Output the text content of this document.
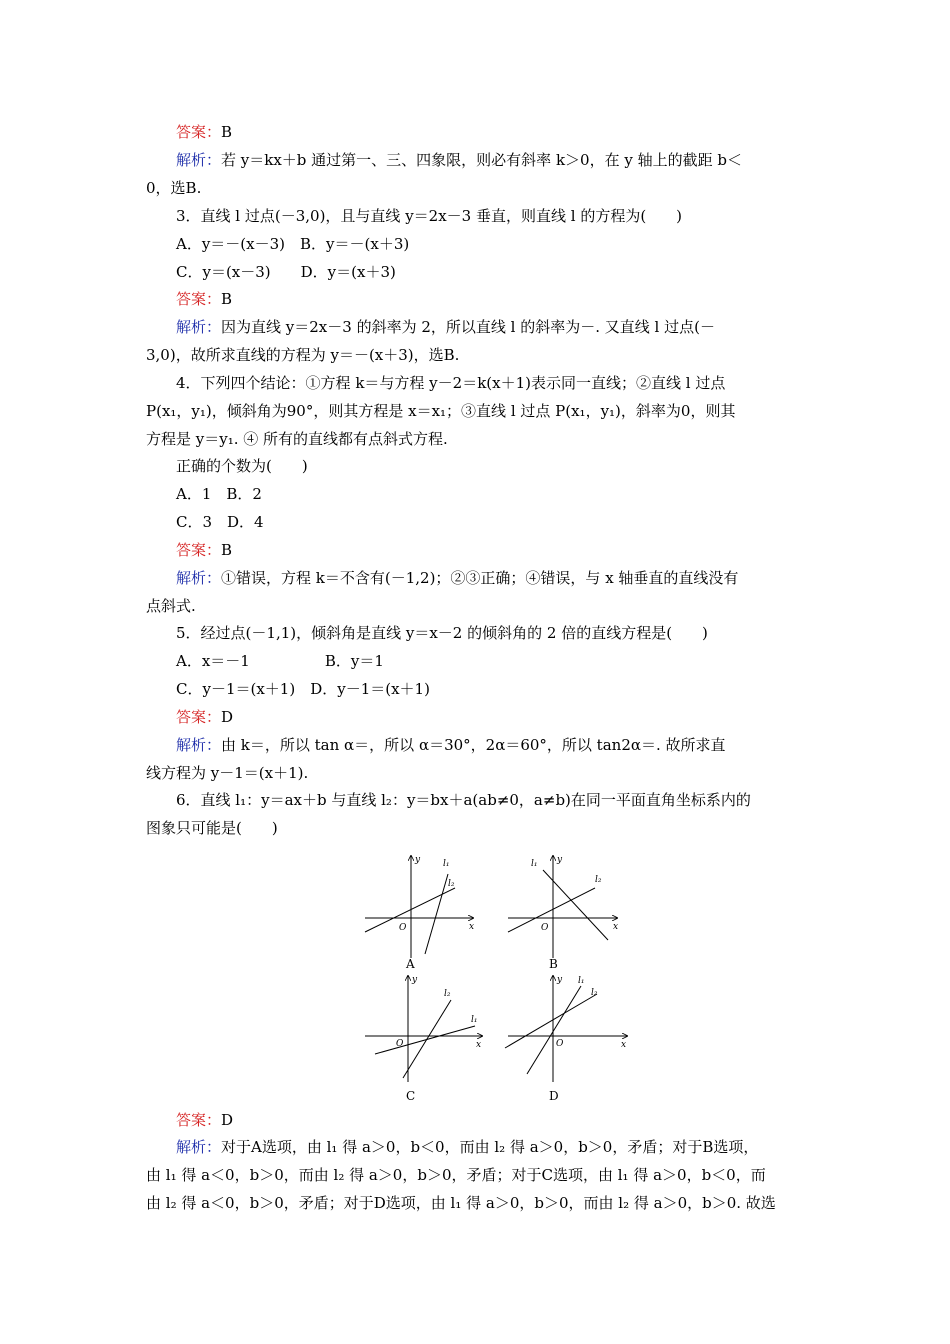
答案：B
解析：若 y＝kx＋b 通过第一、三、四象限，则必有斜率 k＞0，在 y 轴上的截距 b＜
0，选B.
3．直线 l 过点(－3,0)，且与直线 y＝2x－3 垂直，则直线 l 的方程为(　　)
A．y＝－(x－3)　B．y＝－(x＋3)
C．y＝(x－3)　　D．y＝(x＋3)
答案：B
解析：因为直线 y＝2x－3 的斜率为 2，所以直线 l 的斜率为－. 又直线 l 过点(－
3,0)，故所求直线的方程为 y＝－(x＋3)，选B.
4．下列四个结论：①方程 k＝与方程 y－2＝k(x＋1)表示同一直线；②直线 l 过点
P(x₁，y₁)，倾斜角为90°，则其方程是 x＝x₁；③直线 l 过点 P(x₁，y₁)，斜率为0，则其
方程是 y＝y₁. ④ 所有的直线都有点斜式方程.
正确的个数为(　　)
A．1　B．2
C．3　D．4
答案：B
解析：①错误，方程 k＝不含有(－1,2)；②③正确；④错误，与 x 轴垂直的直线没有
点斜式.
5．经过点(－1,1)，倾斜角是直线 y＝x－2 的倾斜角的 2 倍的直线方程是(　　)
A．x＝－1　　　　　B．y＝1
C．y－1＝(x＋1)　D．y－1＝(x＋1)
答案：D
解析：由 k＝，所以 tan α＝，所以 α＝30°，2α＝60°，所以 tan2α＝. 故所求直
线方程为 y－1＝(x＋1).
6．直线 l₁：y＝ax＋b 与直线 l₂：y＝bx＋a(ab≠0，a≠b)在同一平面直角坐标系内的
图象只可能是(　　)
y
x
O
l₁
l₂
y
x
O
l₁
l₂
y
x
O
l₁
l₂
y
x
O
l₁
l₂
A	B
C	D
答案：D
解析：对于A选项，由 l₁ 得 a＞0，b＜0，而由 l₂ 得 a＞0，b＞0，矛盾；对于B选项，
由 l₁ 得 a＜0，b＞0，而由 l₂ 得 a＞0，b＞0，矛盾；对于C选项，由 l₁ 得 a＞0，b＜0，而
由 l₂ 得 a＜0，b＞0，矛盾；对于D选项，由 l₁ 得 a＞0，b＞0，而由 l₂ 得 a＞0，b＞0. 故选
